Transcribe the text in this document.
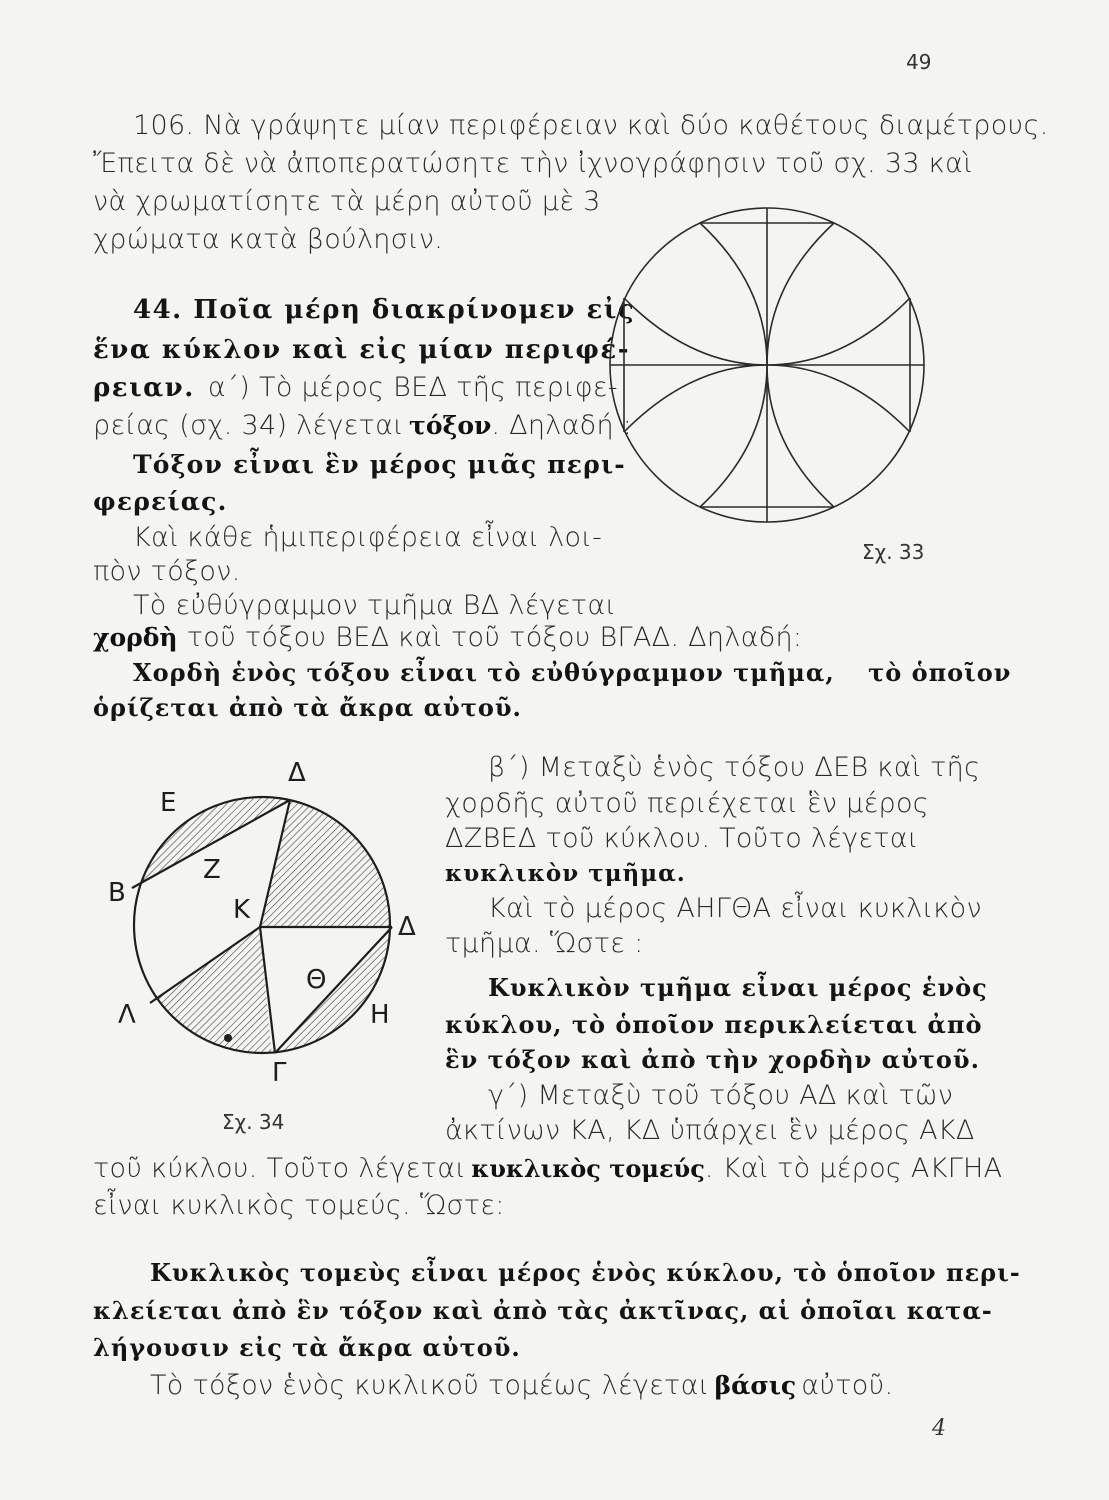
49
106. Νὰ γράψητε μίαν περιφέρειαν καὶ δύο καθέτους διαμέτρους.
Ἔπειτα δὲ νὰ ἀποπερατώσητε τὴν ἰχνογράφησιν τοῦ σχ. 33 καὶ
νὰ χρωματίσητε τὰ μέρη αὐτοῦ μὲ 3
χρώματα κατὰ βούλησιν.
44. Ποῖα μέρη διακρίνομεν εἰς
ἕνα κύκλον καὶ εἰς μίαν περιφέ-
ρειαν. α΄) Τὸ μέρος ΒΕΔ τῆς περιφε-
ρείας (σχ. 34) λέγεται τόξον. Δηλαδή :
Τόξον εἶναι ἓν μέρος μιᾶς περι-
φερείας.
Καὶ κάθε ἡμιπεριφέρεια εἶναι λοι-
πὸν τόξον.
Τὸ εὐθύγραμμον τμῆμα ΒΔ λέγεται
χορδὴ τοῦ τόξου ΒΕΔ καὶ τοῦ τόξου ΒΓΑΔ. Δηλαδή:
Χορδὴ ἑνὸς τόξου εἶναι τὸ εὐθύγραμμον τμῆμα, τὸ ὁποῖον
ὁρίζεται ἀπὸ τὰ ἄκρα αὐτοῦ.
Σχ. 33
β΄) Μεταξὺ ἑνὸς τόξου ΔΕΒ καὶ τῆς
χορδῆς αὐτοῦ περιέχεται ἓν μέρος
ΔΖΒΕΔ τοῦ κύκλου. Τοῦτο λέγεται
κυκλικὸν τμῆμα.
Καὶ τὸ μέρος ΑΗΓΘΑ εἶναι κυκλικὸν
τμῆμα. Ὥστε :
Κυκλικὸν τμῆμα εἶναι μέρος ἑνὸς
κύκλου, τὸ ὁποῖον περικλείεται ἀπὸ
ἓν τόξον καὶ ἀπὸ τὴν χορδὴν αὐτοῦ.
γ΄) Μεταξὺ τοῦ τόξου ΑΔ καὶ τῶν
ἀκτίνων ΚΑ, ΚΔ ὑπάρχει ἓν μέρος ΑΚΔ
τοῦ κύκλου. Τοῦτο λέγεται κυκλικὸς τομεύς. Καὶ τὸ μέρος ΑΚΓΗΑ
εἶναι κυκλικὸς τομεύς. Ὥστε:
Κυκλικὸς τομεὺς εἶναι μέρος ἑνὸς κύκλου, τὸ ὁποῖον περι-
κλείεται ἀπὸ ἓν τόξον καὶ ἀπὸ τὰς ἀκτῖνας, αἱ ὁποῖαι κατα-
λήγουσιν εἰς τὰ ἄκρα αὐτοῦ.
Τὸ τόξον ἑνὸς κυκλικοῦ τομέως λέγεται βάσις αὐτοῦ.
Δ
Ε
Ζ
Β
Κ
Δ
Θ
Λ	Η
Γ
Σχ. 34
4
